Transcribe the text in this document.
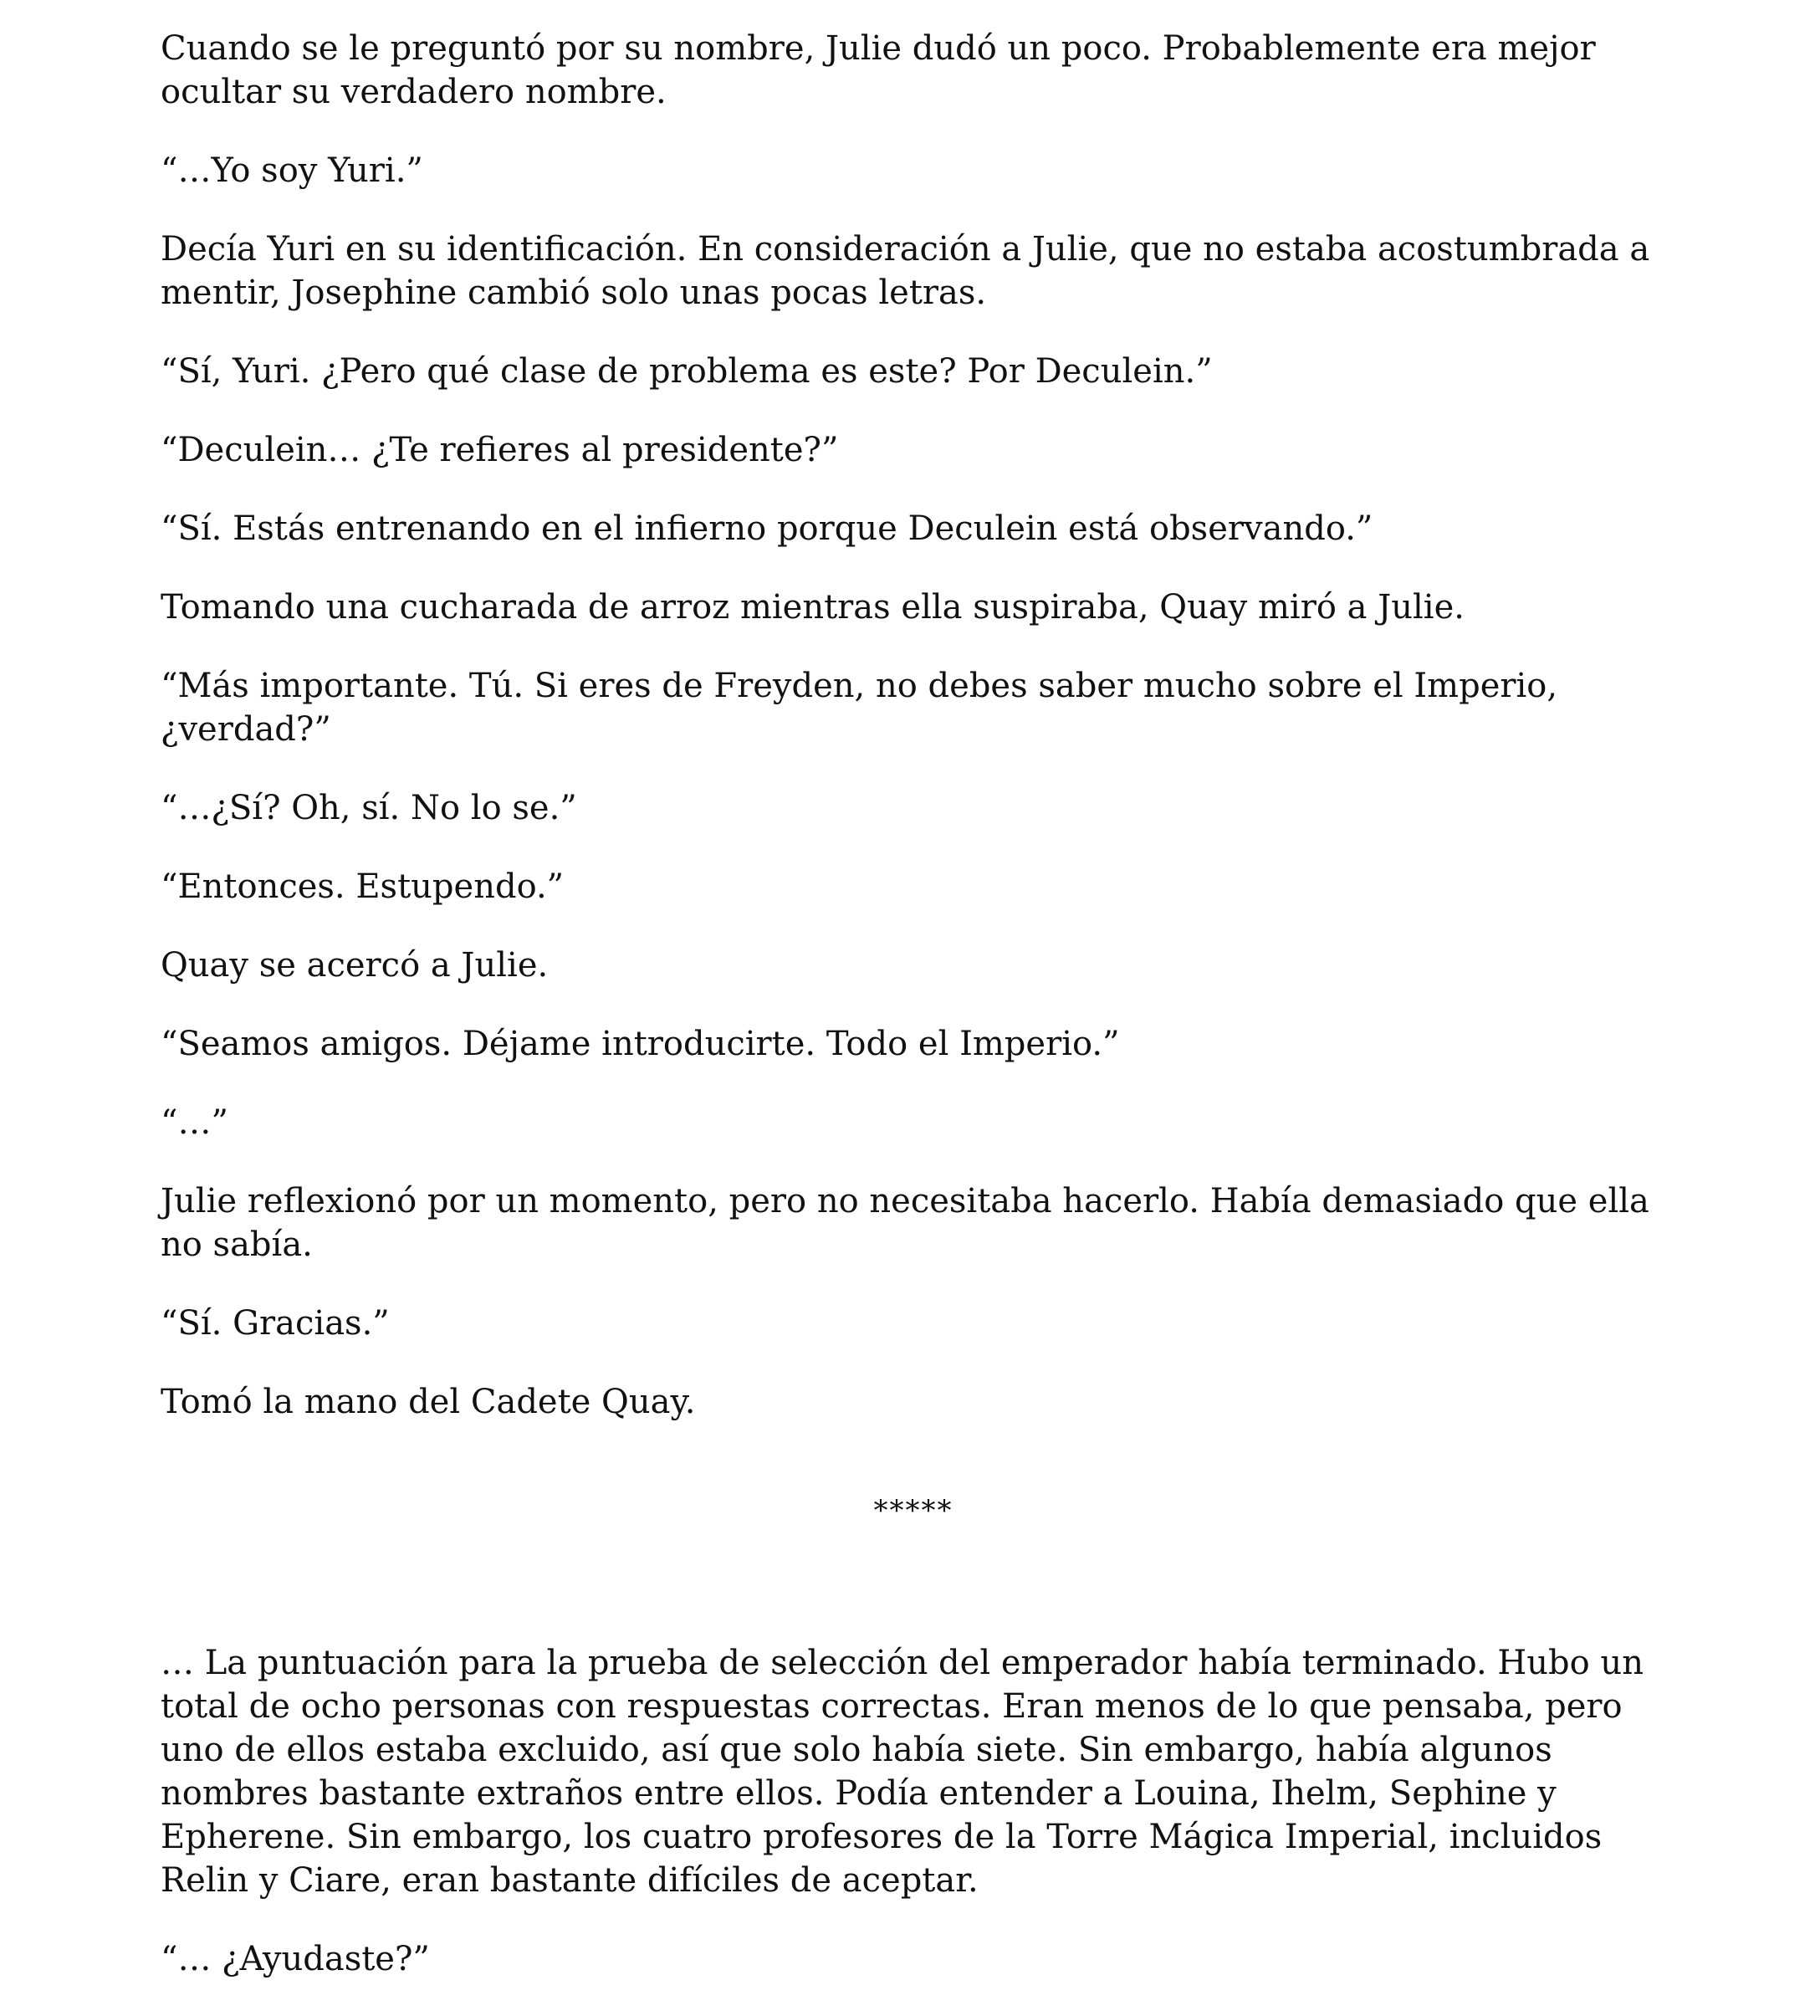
Cuando se le preguntó por su nombre, Julie dudó un poco. Probablemente era mejor ocultar su verdadero nombre.

“…Yo soy Yuri.”

Decía Yuri en su identificación. En consideración a Julie, que no estaba acostumbrada a mentir, Josephine cambió solo unas pocas letras.

“Sí, Yuri. ¿Pero qué clase de problema es este? Por Deculein.”

“Deculein… ¿Te refieres al presidente?”

“Sí. Estás entrenando en el infierno porque Deculein está observando.”

Tomando una cucharada de arroz mientras ella suspiraba, Quay miró a Julie.

“Más importante. Tú. Si eres de Freyden, no debes saber mucho sobre el Imperio, ¿verdad?”

“…¿Sí? Oh, sí. No lo se.”

“Entonces. Estupendo.”

Quay se acercó a Julie.

“Seamos amigos. Déjame introducirte. Todo el Imperio.”

“…”

Julie reflexionó por un momento, pero no necesitaba hacerlo. Había demasiado que ella no sabía.

“Sí. Gracias.”

Tomó la mano del Cadete Quay.

*****

… La puntuación para la prueba de selección del emperador había terminado. Hubo un total de ocho personas con respuestas correctas. Eran menos de lo que pensaba, pero uno de ellos estaba excluido, así que solo había siete. Sin embargo, había algunos nombres bastante extraños entre ellos. Podía entender a Louina, Ihelm, Sephine y Epherene. Sin embargo, los cuatro profesores de la Torre Mágica Imperial, incluidos Relin y Ciare, eran bastante difíciles de aceptar.

“… ¿Ayudaste?”
